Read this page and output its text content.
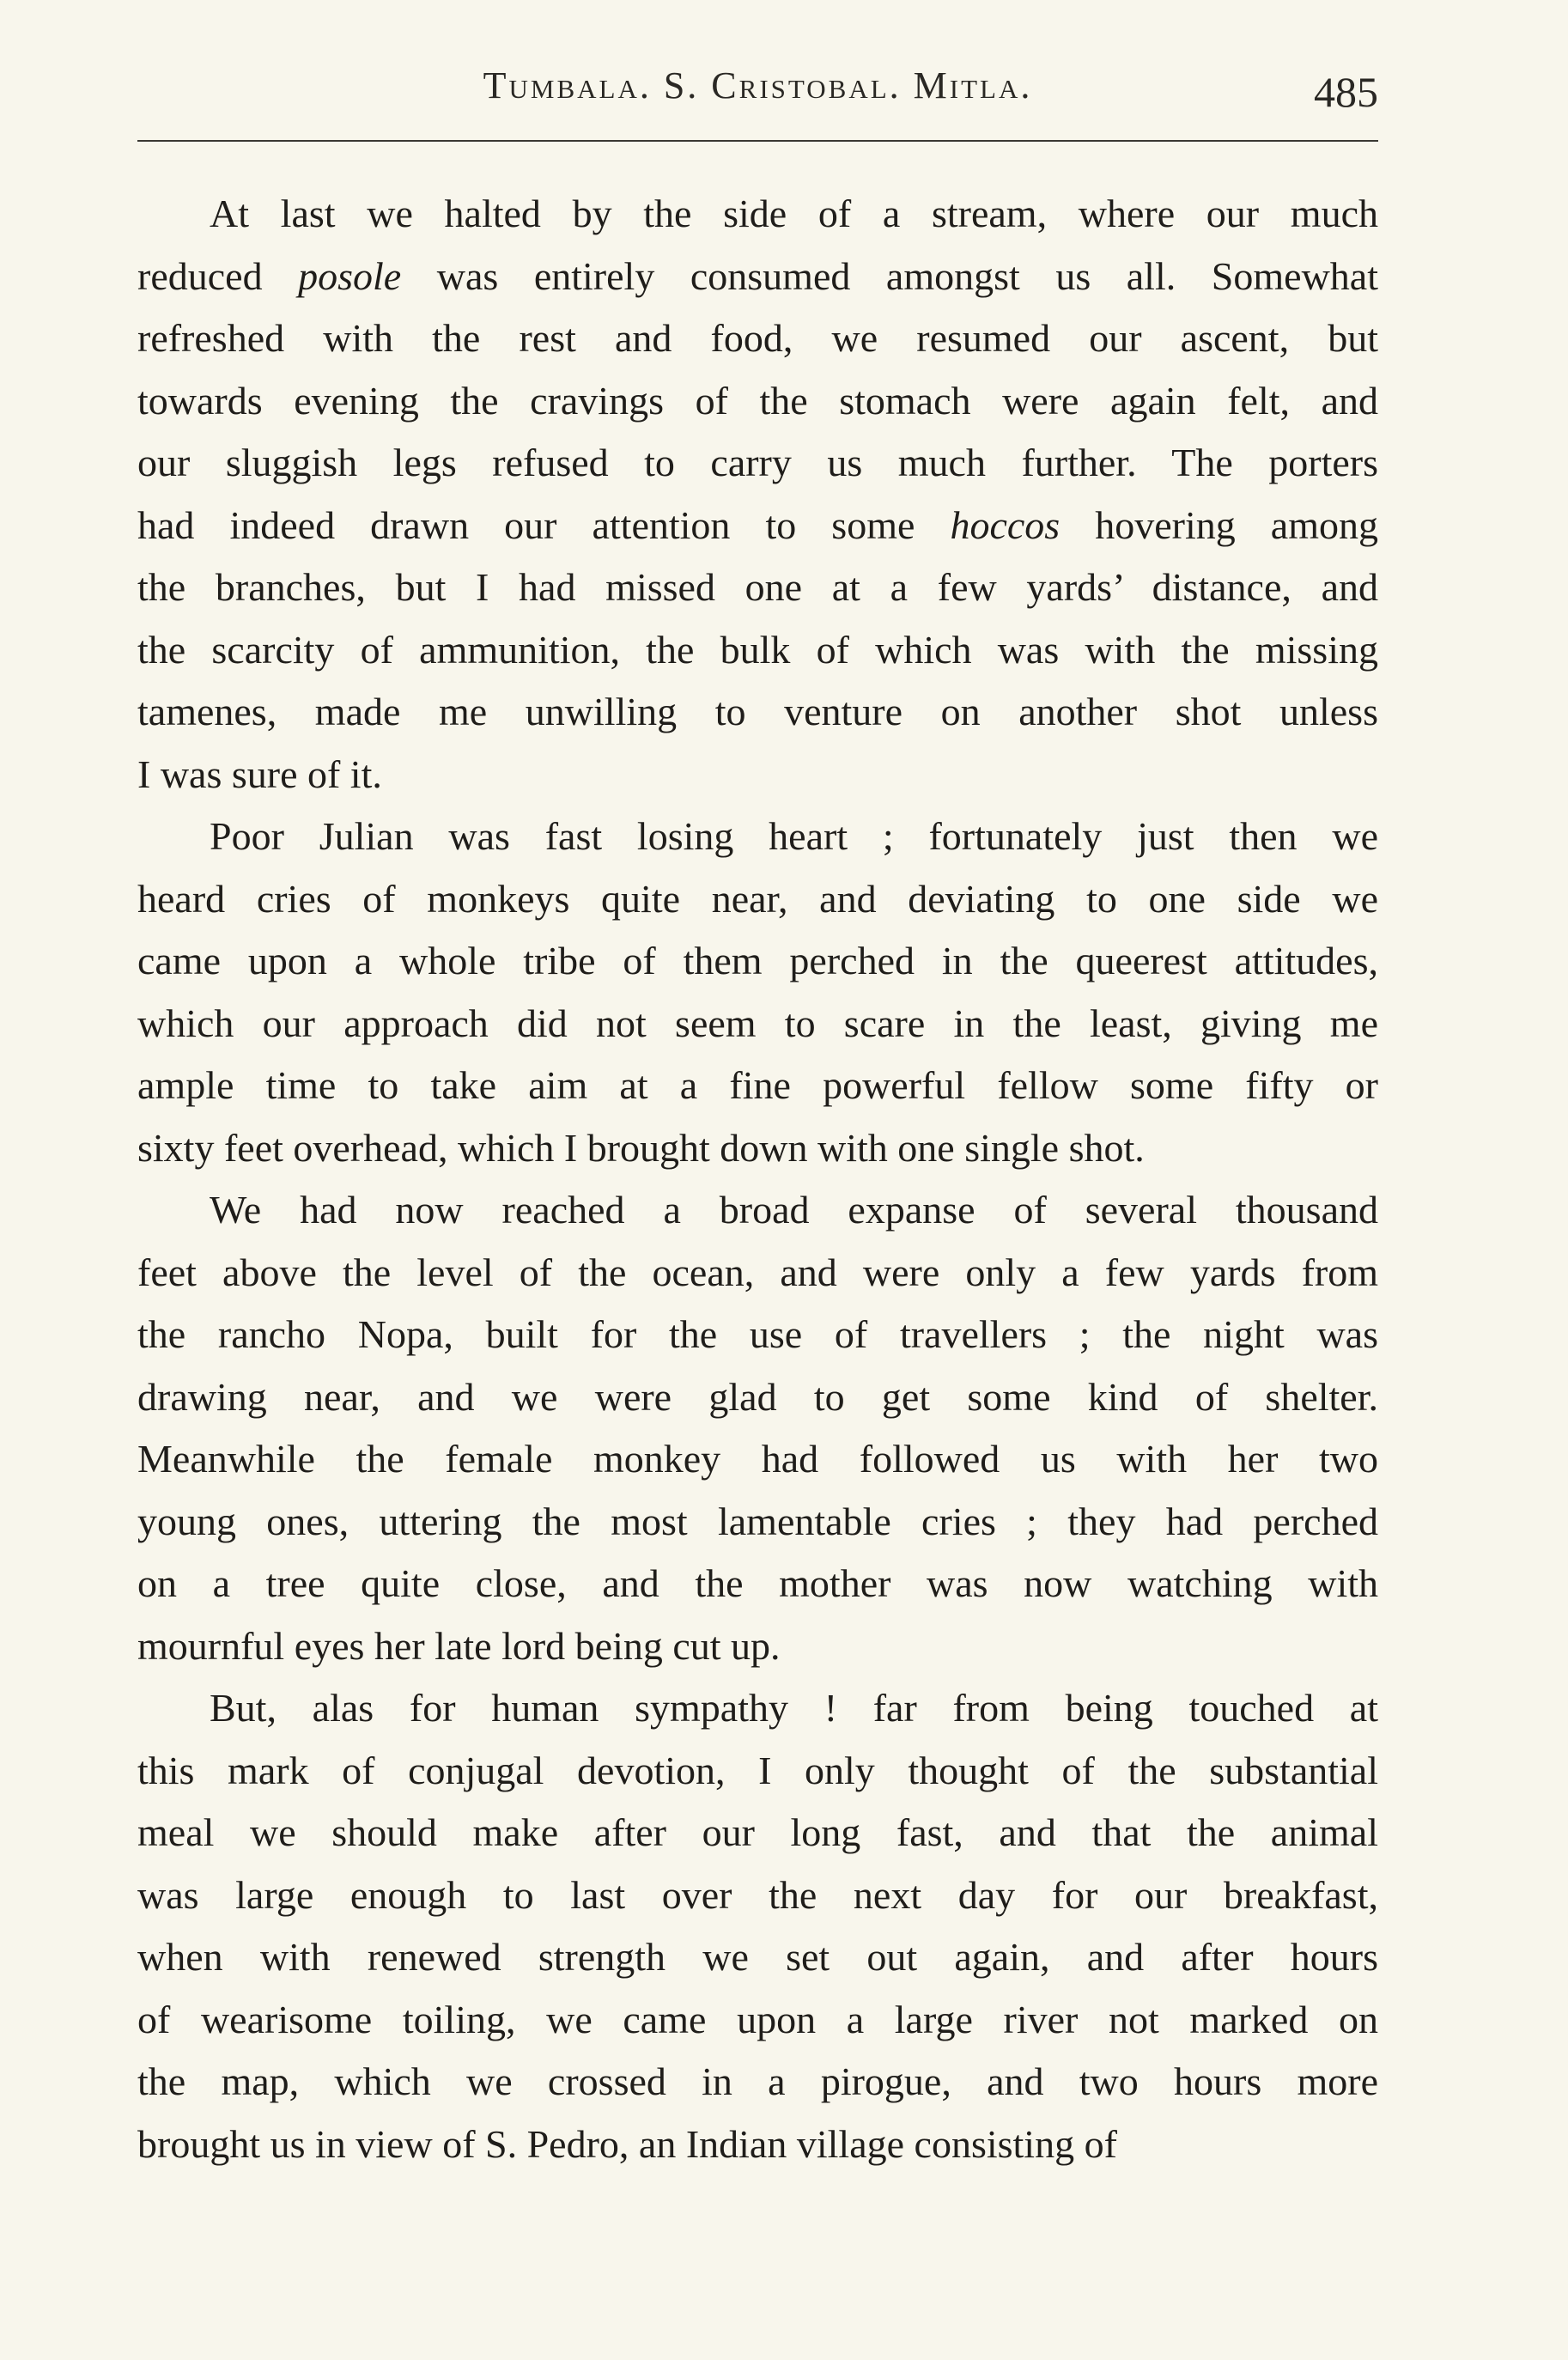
Tumbala. S. Cristobal. Mitla.	485
At last we halted by the side of a stream, where our much
reduced posole was entirely consumed amongst us all. Somewhat
refreshed with the rest and food, we resumed our ascent, but
towards evening the cravings of the stomach were again felt, and
our sluggish legs refused to carry us much further. The porters
had indeed drawn our attention to some hoccos hovering among
the branches, but I had missed one at a few yards’ distance, and
the scarcity of ammunition, the bulk of which was with the missing
tamenes, made me unwilling to venture on another shot unless
I was sure of it.
Poor Julian was fast losing heart ; fortunately just then we
heard cries of monkeys quite near, and deviating to one side we
came upon a whole tribe of them perched in the queerest attitudes,
which our approach did not seem to scare in the least, giving me
ample time to take aim at a fine powerful fellow some fifty or
sixty feet overhead, which I brought down with one single shot.
We had now reached a broad expanse of several thousand
feet above the level of the ocean, and were only a few yards from
the rancho Nopa, built for the use of travellers ; the night was
drawing near, and we were glad to get some kind of shelter.
Meanwhile the female monkey had followed us with her two
young ones, uttering the most lamentable cries ; they had perched
on a tree quite close, and the mother was now watching with
mournful eyes her late lord being cut up.
But, alas for human sympathy ! far from being touched at
this mark of conjugal devotion, I only thought of the substantial
meal we should make after our long fast, and that the animal
was large enough to last over the next day for our breakfast,
when with renewed strength we set out again, and after hours
of wearisome toiling, we came upon a large river not marked on
the map, which we crossed in a pirogue, and two hours more
brought us in view of S. Pedro, an Indian village consisting of
